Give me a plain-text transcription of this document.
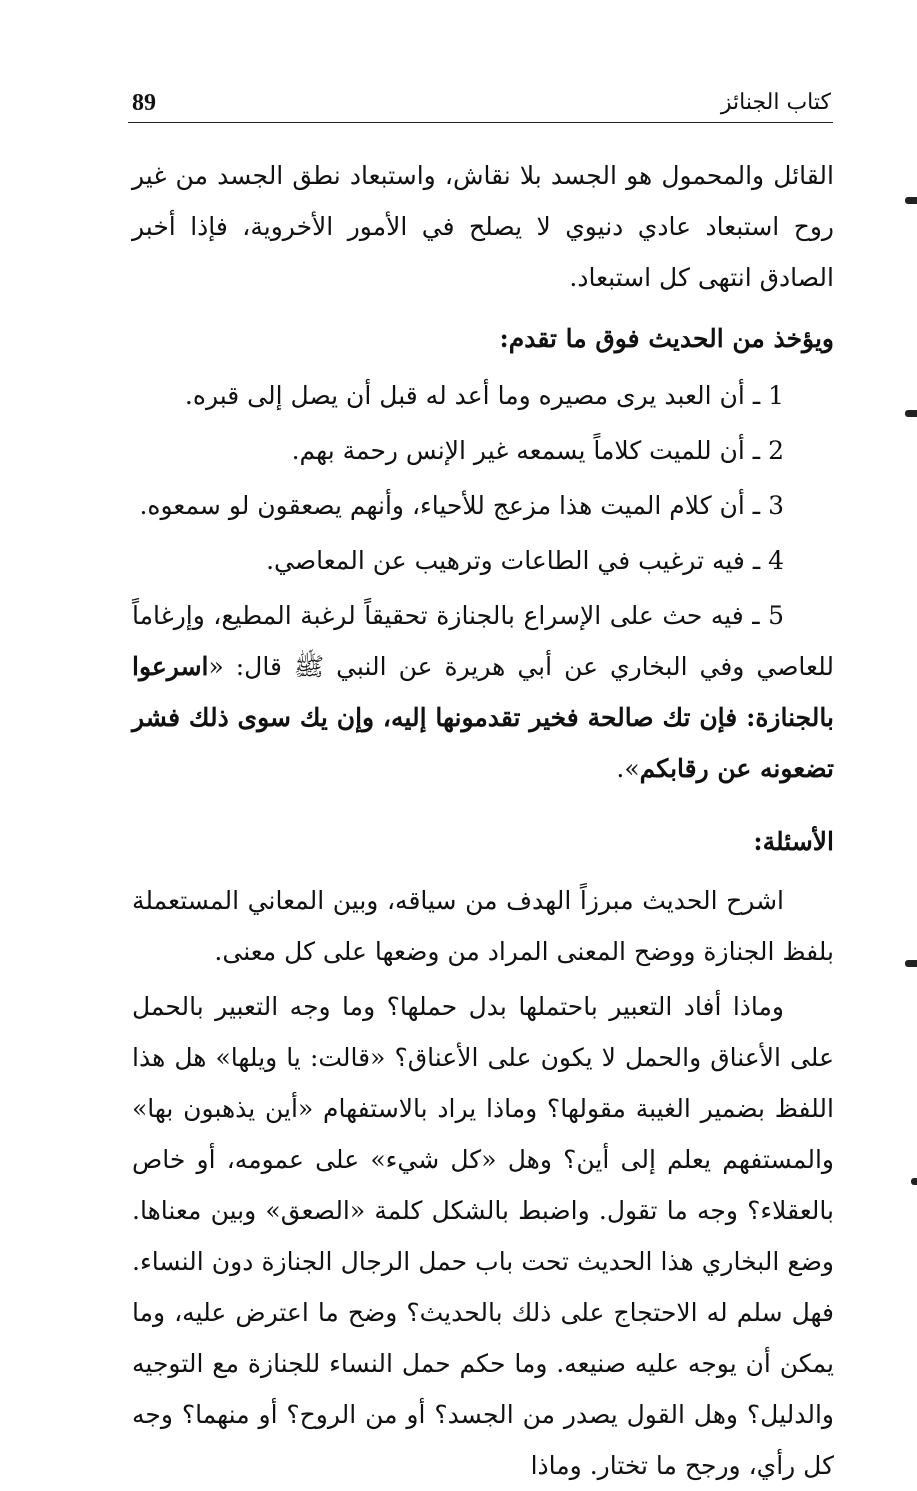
89	كتاب الجنائز

القائل والمحمول هو الجسد بلا نقاش، واستبعاد نطق الجسد من غير روح استبعاد عادي دنيوي لا يصلح في الأمور الأخروية، فإذا أخبر الصادق انتهى كل استبعاد.

ويؤخذ من الحديث فوق ما تقدم:

1 ـ أن العبد يرى مصيره وما أعد له قبل أن يصل إلى قبره.

2 ـ أن للميت كلاماً يسمعه غير الإنس رحمة بهم.

3 ـ أن كلام الميت هذا مزعج للأحياء، وأنهم يصعقون لو سمعوه.

4 ـ فيه ترغيب في الطاعات وترهيب عن المعاصي.

5 ـ فيه حث على الإسراع بالجنازة تحقيقاً لرغبة المطيع، وإرغاماً للعاصي وفي البخاري عن أبي هريرة عن النبي ﷺ قال: «اسرعوا بالجنازة: فإن تك صالحة فخير تقدمونها إليه، وإن يك سوى ذلك فشر تضعونه عن رقابكم».

الأسئلة:

اشرح الحديث مبرزاً الهدف من سياقه، وبين المعاني المستعملة بلفظ الجنازة ووضح المعنى المراد من وضعها على كل معنى.

وماذا أفاد التعبير باحتملها بدل حملها؟ وما وجه التعبير بالحمل على الأعناق والحمل لا يكون على الأعناق؟ «قالت: يا ويلها» هل هذا اللفظ بضمير الغيبة مقولها؟ وماذا يراد بالاستفهام «أين يذهبون بها» والمستفهم يعلم إلى أين؟ وهل «كل شيء» على عمومه، أو خاص بالعقلاء؟ وجه ما تقول. واضبط بالشكل كلمة «الصعق» وبين معناها. وضع البخاري هذا الحديث تحت باب حمل الرجال الجنازة دون النساء. فهل سلم له الاحتجاج على ذلك بالحديث؟ وضح ما اعترض عليه، وما يمكن أن يوجه عليه صنيعه. وما حكم حمل النساء للجنازة مع التوجيه والدليل؟ وهل القول يصدر من الجسد؟ أو من الروح؟ أو منهما؟ وجه كل رأي، ورجح ما تختار. وماذا
